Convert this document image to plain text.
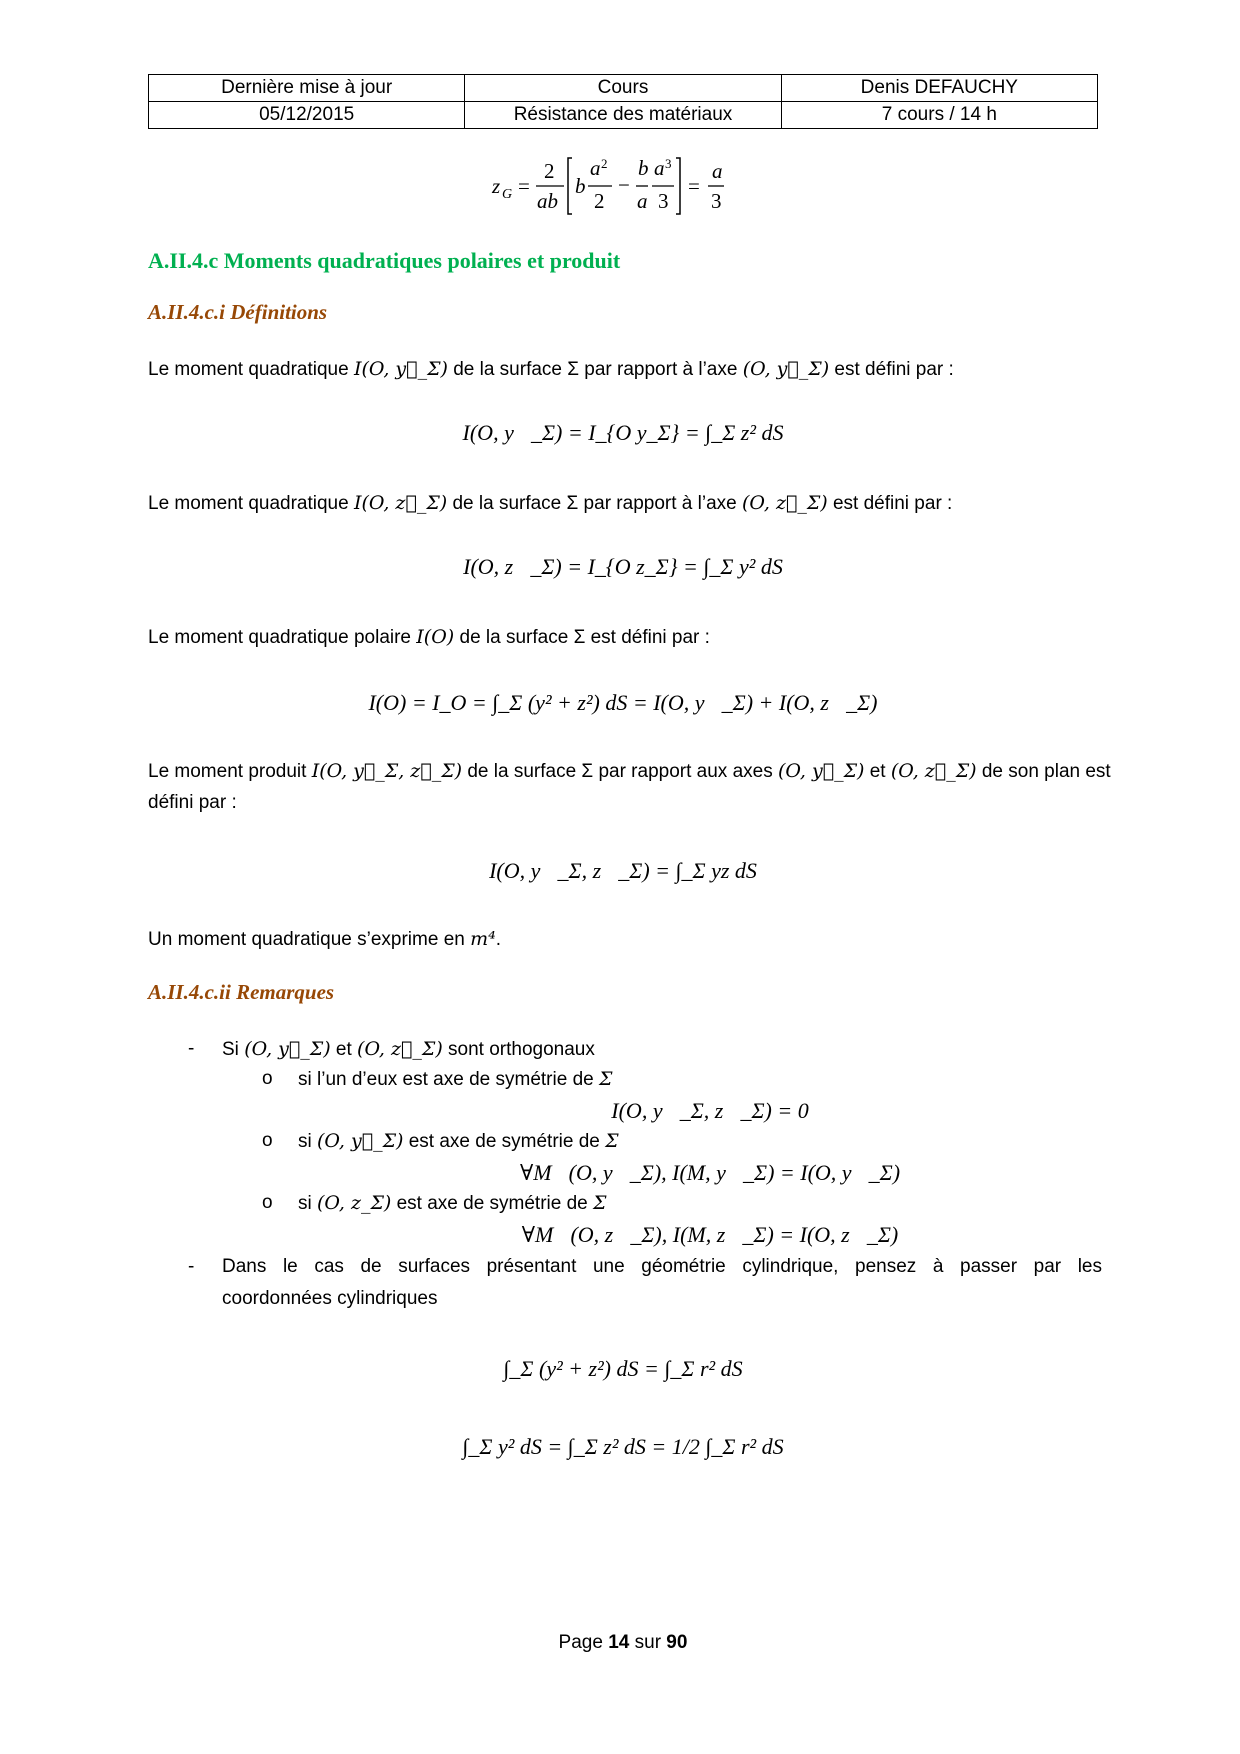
Dernière mise à jour	Cours	Denis DEFAUCHY
05/12/2015	Résistance des matériaux	7 cours / 14 h
z G =
2
ab
b
a 2
2
−
b
a
a 3
3
=
a
3
A.II.4.c Moments quadratiques polaires et produit
A.II.4.c.i Définitions
Le moment quadratique I(O, y⃗_Σ) de la surface Σ par rapport à l’axe (O, y⃗_Σ) est défini par :
I(O, y⃗_Σ) = I_{O y_Σ} = ∫_Σ z² dS
Le moment quadratique I(O, z⃗_Σ) de la surface Σ par rapport à l’axe (O, z⃗_Σ) est défini par :
I(O, z⃗_Σ) = I_{O z_Σ} = ∫_Σ y² dS
Le moment quadratique polaire I(O) de la surface Σ est défini par :
I(O) = I_O = ∫_Σ (y² + z²) dS = I(O, y⃗_Σ) + I(O, z⃗_Σ)
Le moment produit I(O, y⃗_Σ, z⃗_Σ) de la surface Σ par rapport aux axes (O, y⃗_Σ) et (O, z⃗_Σ) de son plan est
défini par :
I(O, y⃗_Σ, z⃗_Σ) = ∫_Σ yz dS
Un moment quadratique s’exprime en m⁴.
A.II.4.c.ii Remarques
- Si (O, y⃗_Σ) et (O, z⃗_Σ) sont orthogonaux
o si l’un d’eux est axe de symétrie de Σ
I(O, y⃗_Σ, z⃗_Σ) = 0
o si (O, y⃗_Σ) est axe de symétrie de Σ
∀M∊(O, y⃗_Σ), I(M, y⃗_Σ) = I(O, y⃗_Σ)
o si (O, z_Σ) est axe de symétrie de Σ
∀M∊(O, z⃗_Σ), I(M, z⃗_Σ) = I(O, z⃗_Σ)
- Dans le cas de surfaces présentant une géométrie cylindrique, pensez à passer par les
coordonnées cylindriques
∫_Σ (y² + z²) dS = ∫_Σ r² dS
∫_Σ y² dS = ∫_Σ z² dS = 1/2 ∫_Σ r² dS
Page 14 sur 90
